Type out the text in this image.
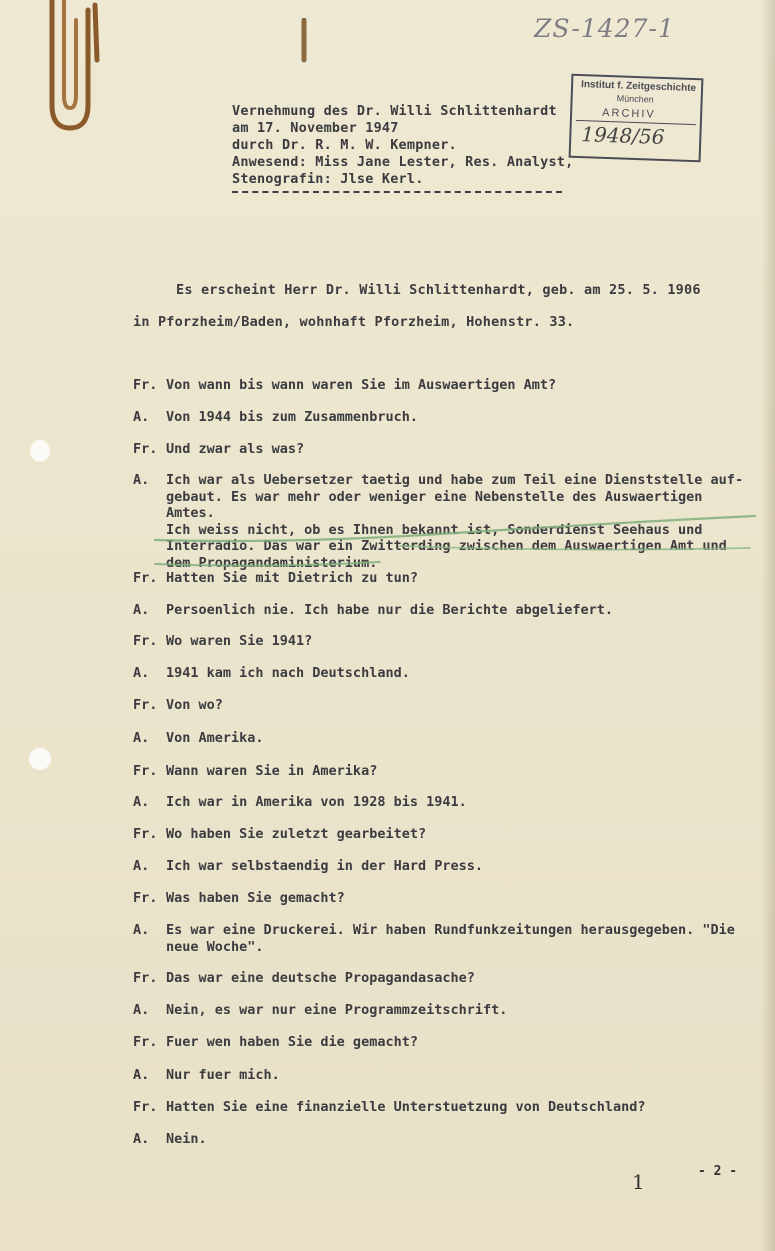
ZS-1427-1
Institut f. Zeitgeschichte
München
ARCHIV
1948/56
Vernehmung des Dr. Willi Schlittenhardt
am 17. November 1947
durch Dr. R. M. W. Kempner.
Anwesend: Miss Jane Lester, Res. Analyst,
Stenografin: Jlse Kerl.
Es erscheint Herr Dr. Willi Schlittenhardt, geb. am 25. 5. 1906
in Pforzheim/Baden, wohnhaft Pforzheim, Hohenstr. 33.
Fr. Von wann bis wann waren Sie im Auswaertigen Amt?
A. Von 1944 bis zum Zusammenbruch.
Fr. Und zwar als was?
A. Ich war als Uebersetzer taetig und habe zum Teil eine Dienststelle auf-
gebaut. Es war mehr oder weniger eine Nebenstelle des Auswaertigen Amtes.
Ich weiss nicht, ob es Ihnen bekannt ist, Sonderdienst Seehaus und
Interradio. Das war ein Zwitterding zwischen dem Auswaertigen Amt und
dem Propagandaministerium.
Fr. Hatten Sie mit Dietrich zu tun?
A. Persoenlich nie. Ich habe nur die Berichte abgeliefert.
Fr. Wo waren Sie 1941?
A. 1941 kam ich nach Deutschland.
Fr. Von wo?
A. Von Amerika.
Fr. Wann waren Sie in Amerika?
A. Ich war in Amerika von 1928 bis 1941.
Fr. Wo haben Sie zuletzt gearbeitet?
A. Ich war selbstaendig in der Hard Press.
Fr. Was haben Sie gemacht?
A. Es war eine Druckerei. Wir haben Rundfunkzeitungen herausgegeben. "Die
neue Woche".
Fr. Das war eine deutsche Propagandasache?
A. Nein, es war nur eine Programmzeitschrift.
Fr. Fuer wen haben Sie die gemacht?
A. Nur fuer mich.
Fr. Hatten Sie eine finanzielle Unterstuetzung von Deutschland?
A. Nein.
1	- 2 -
